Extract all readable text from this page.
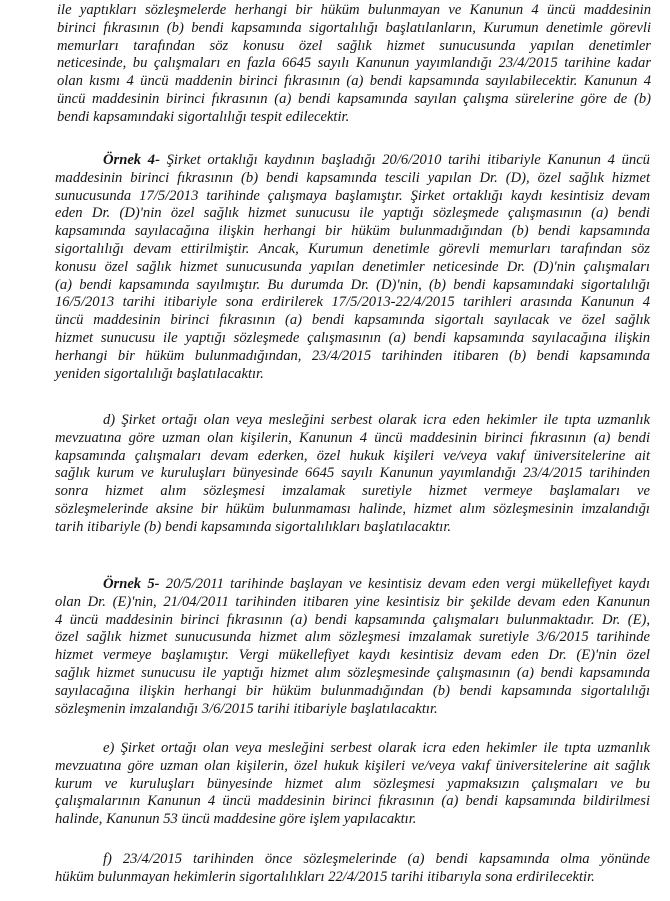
ile yaptıkları sözleşmelerde herhangi bir hüküm bulunmayan ve Kanunun 4 üncü maddesinin
birinci fıkrasının (b) bendi kapsamında sigortalılığı başlatılanların, Kurumun denetimle görevli
memurları tarafından söz konusu özel sağlık hizmet sunucusunda yapılan denetimler
neticesinde, bu çalışmaları en fazla 6645 sayılı Kanunun yayımlandığı 23/4/2015 tarihine kadar
olan kısmı 4 üncü maddenin birinci fıkrasının (a) bendi kapsamında sayılabilecektir. Kanunun 4
üncü maddesinin birinci fıkrasının (a) bendi kapsamında sayılan çalışma sürelerine göre de (b)
bendi kapsamındaki sigortalılığı tespit edilecektir.
Örnek 4- Şirket ortaklığı kaydının başladığı 20/6/2010 tarihi itibariyle Kanunun 4 üncü
maddesinin birinci fıkrasının (b) bendi kapsamında tescili yapılan Dr. (D), özel sağlık hizmet
sunucusunda 17/5/2013 tarihinde çalışmaya başlamıştır. Şirket ortaklığı kaydı kesintisiz devam
eden Dr. (D)'nin özel sağlık hizmet sunucusu ile yaptığı sözleşmede çalışmasının (a) bendi
kapsamında sayılacağına ilişkin herhangi bir hüküm bulunmadığından (b) bendi kapsamında
sigortalılığı devam ettirilmiştir. Ancak, Kurumun denetimle görevli memurları tarafından söz
konusu özel sağlık hizmet sunucusunda yapılan denetimler neticesinde Dr. (D)'nin çalışmaları
(a) bendi kapsamında sayılmıştır. Bu durumda Dr. (D)'nin, (b) bendi kapsamındaki sigortalılığı
16/5/2013 tarihi itibariyle sona erdirilerek 17/5/2013-22/4/2015 tarihleri arasında Kanunun 4
üncü maddesinin birinci fıkrasının (a) bendi kapsamında sigortalı sayılacak ve özel sağlık
hizmet sunucusu ile yaptığı sözleşmede çalışmasının (a) bendi kapsamında sayılacağına ilişkin
herhangi bir hüküm bulunmadığından, 23/4/2015 tarihinden itibaren (b) bendi kapsamında
yeniden sigortalılığı başlatılacaktır.
d) Şirket ortağı olan veya mesleğini serbest olarak icra eden hekimler ile tıpta uzmanlık
mevzuatına göre uzman olan kişilerin, Kanunun 4 üncü maddesinin birinci fıkrasının (a) bendi
kapsamında çalışmaları devam ederken, özel hukuk kişileri ve/veya vakıf üniversitelerine ait
sağlık kurum ve kuruluşları bünyesinde 6645 sayılı Kanunun yayımlandığı 23/4/2015 tarihinden
sonra hizmet alım sözleşmesi imzalamak suretiyle hizmet vermeye başlamaları ve
sözleşmelerinde aksine bir hüküm bulunmaması halinde, hizmet alım sözleşmesinin imzalandığı
tarih itibariyle (b) bendi kapsamında sigortalılıkları başlatılacaktır.
Örnek 5- 20/5/2011 tarihinde başlayan ve kesintisiz devam eden vergi mükellefiyet kaydı
olan Dr. (E)'nin, 21/04/2011 tarihinden itibaren yine kesintisiz bir şekilde devam eden Kanunun
4 üncü maddesinin birinci fıkrasının (a) bendi kapsamında çalışmaları bulunmaktadır. Dr. (E),
özel sağlık hizmet sunucusunda hizmet alım sözleşmesi imzalamak suretiyle 3/6/2015 tarihinde
hizmet vermeye başlamıştır. Vergi mükellefiyet kaydı kesintisiz devam eden Dr. (E)'nin özel
sağlık hizmet sunucusu ile yaptığı hizmet alım sözleşmesinde çalışmasının (a) bendi kapsamında
sayılacağına ilişkin herhangi bir hüküm bulunmadığından (b) bendi kapsamında sigortalılığı
sözleşmenin imzalandığı 3/6/2015 tarihi itibariyle başlatılacaktır.
e) Şirket ortağı olan veya mesleğini serbest olarak icra eden hekimler ile tıpta uzmanlık
mevzuatına göre uzman olan kişilerin, özel hukuk kişileri ve/veya vakıf üniversitelerine ait sağlık
kurum ve kuruluşları bünyesinde hizmet alım sözleşmesi yapmaksızın çalışmaları ve bu
çalışmalarının Kanunun 4 üncü maddesinin birinci fıkrasının (a) bendi kapsamında bildirilmesi
halinde, Kanunun 53 üncü maddesine göre işlem yapılacaktır.
f) 23/4/2015 tarihinden önce sözleşmelerinde (a) bendi kapsamında olma yönünde
hüküm bulunmayan hekimlerin sigortalılıkları 22/4/2015 tarihi itibarıyla sona erdirilecektir.
